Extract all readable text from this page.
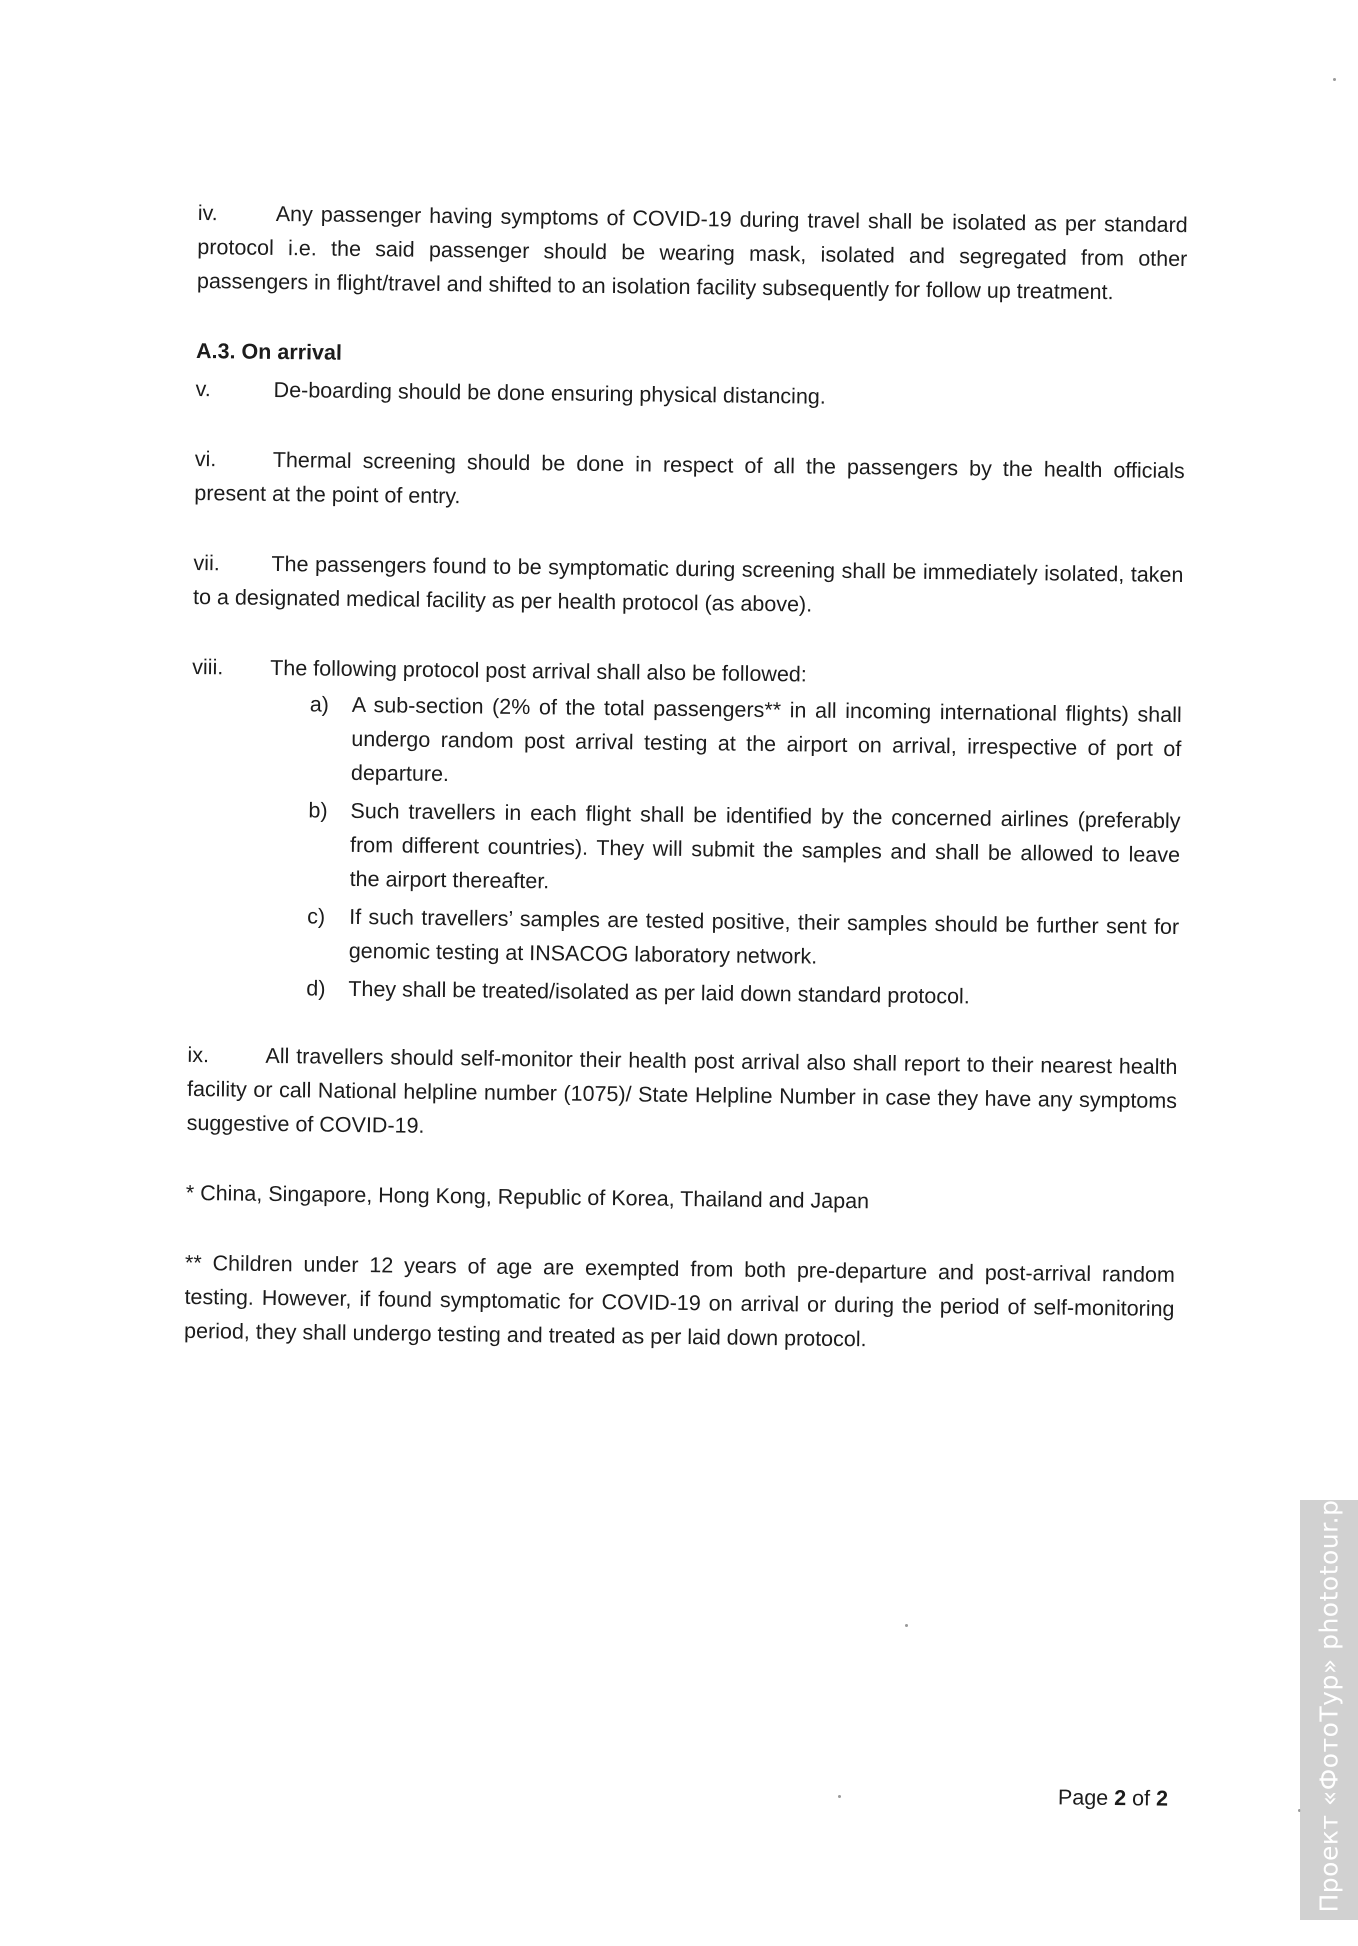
iv.	Any passenger having symptoms of COVID-19 during travel shall be isolated as per standard protocol i.e. the said passenger should be wearing mask, isolated and segregated from other passengers in flight/travel and shifted to an isolation facility subsequently for follow up treatment.

A.3. On arrival

v.	De-boarding should be done ensuring physical distancing.

vi.	Thermal screening should be done in respect of all the passengers by the health officials present at the point of entry.

vii. The passengers found to be symptomatic during screening shall be immediately isolated, taken to a designated medical facility as per health protocol (as above).

viii. The following protocol post arrival shall also be followed:

a) A sub-section (2% of the total passengers** in all incoming international flights) shall undergo random post arrival testing at the airport on arrival, irrespective of port of departure.
b) Such travellers in each flight shall be identified by the concerned airlines (preferably from different countries). They will submit the samples and shall be allowed to leave the airport thereafter.
c) If such travellers’ samples are tested positive, their samples should be further sent for genomic testing at INSACOG laboratory network.
d) They shall be treated/isolated as per laid down standard protocol.

ix.	All travellers should self-monitor their health post arrival also shall report to their nearest health facility or call National helpline number (1075)/ State Helpline Number in case they have any symptoms suggestive of COVID-19.

* China, Singapore, Hong Kong, Republic of Korea, Thailand and Japan

** Children under 12 years of age are exempted from both pre-departure and post-arrival random testing. However, if found symptomatic for COVID-19 on arrival or during the period of self-monitoring period, they shall undergo testing and treated as per laid down protocol.

Page 2 of 2	© Проект «ФотоТур» phototour.pro
